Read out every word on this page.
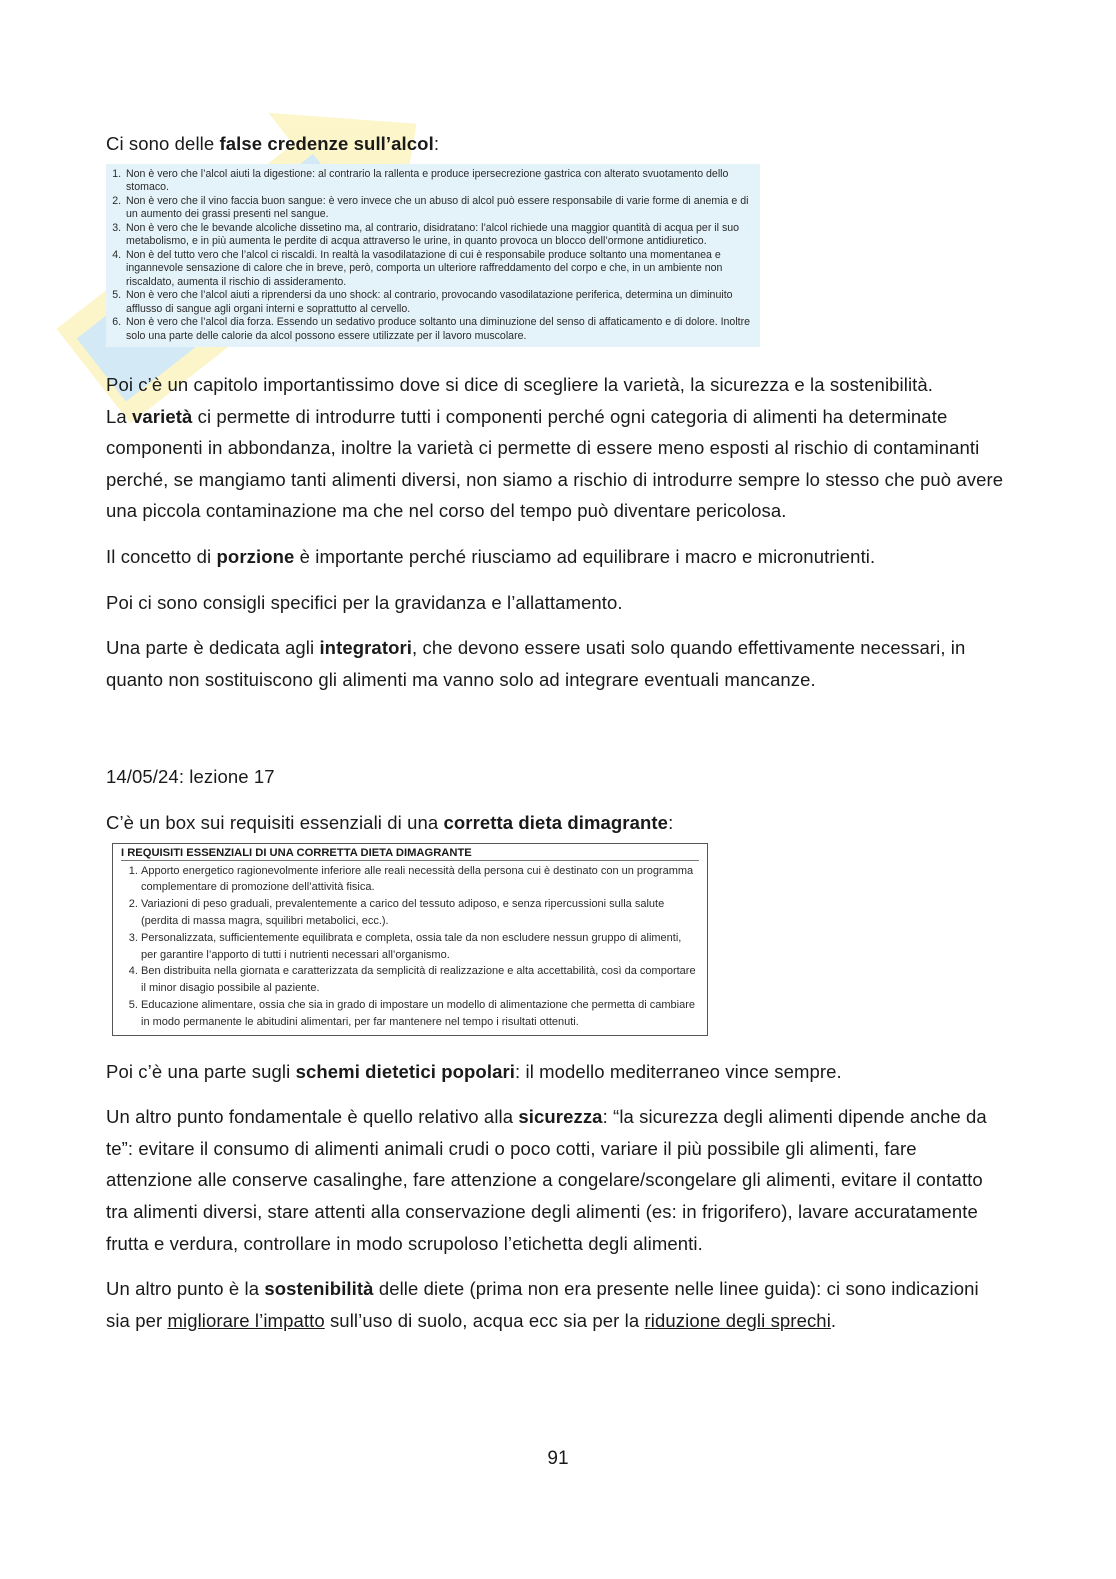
Ci sono delle false credenze sull’alcol:

1. Non è vero che l’alcol aiuti la digestione: al contrario la rallenta e produce ipersecrezione gastrica con alterato svuotamento dello stomaco.
2. Non è vero che il vino faccia buon sangue: è vero invece che un abuso di alcol può essere responsabile di varie forme di anemia e di un aumento dei grassi presenti nel sangue.
3. Non è vero che le bevande alcoliche dissetino ma, al contrario, disidratano: l’alcol richiede una maggior quantità di acqua per il suo metabolismo, e in più aumenta le perdite di acqua attraverso le urine, in quanto provoca un blocco dell’ormone antidiuretico.
4. Non è del tutto vero che l’alcol ci riscaldi. In realtà la vasodilatazione di cui è responsabile produce soltanto una momentanea e ingannevole sensazione di calore che in breve, però, comporta un ulteriore raffreddamento del corpo e che, in un ambiente non riscaldato, aumenta il rischio di assideramento.
5. Non è vero che l’alcol aiuti a riprendersi da uno shock: al contrario, provocando vasodilatazione periferica, determina un diminuito afflusso di sangue agli organi interni e soprattutto al cervello.
6. Non è vero che l’alcol dia forza. Essendo un sedativo produce soltanto una diminuzione del senso di affaticamento e di dolore. Inoltre solo una parte delle calorie da alcol possono essere utilizzate per il lavoro muscolare.

Poi c’è un capitolo importantissimo dove si dice di scegliere la varietà, la sicurezza e la sostenibilità.
La varietà ci permette di introdurre tutti i componenti perché ogni categoria di alimenti ha determinate componenti in abbondanza, inoltre la varietà ci permette di essere meno esposti al rischio di contaminanti perché, se mangiamo tanti alimenti diversi, non siamo a rischio di introdurre sempre lo stesso che può avere una piccola contaminazione ma che nel corso del tempo può diventare pericolosa.

Il concetto di porzione è importante perché riusciamo ad equilibrare i macro e micronutrienti.

Poi ci sono consigli specifici per la gravidanza e l’allattamento.

Una parte è dedicata agli integratori, che devono essere usati solo quando effettivamente necessari, in quanto non sostituiscono gli alimenti ma vanno solo ad integrare eventuali mancanze.

14/05/24: lezione 17

C’è un box sui requisiti essenziali di una corretta dieta dimagrante:

I REQUISITI ESSENZIALI DI UNA CORRETTA DIETA DIMAGRANTE
1. Apporto energetico ragionevolmente inferiore alle reali necessità della persona cui è destinato con un programma complementare di promozione dell’attività fisica.
2. Variazioni di peso graduali, prevalentemente a carico del tessuto adiposo, e senza ripercussioni sulla salute (perdita di massa magra, squilibri metabolici, ecc.).
3. Personalizzata, sufficientemente equilibrata e completa, ossia tale da non escludere nessun gruppo di alimenti, per garantire l’apporto di tutti i nutrienti necessari all’organismo.
4. Ben distribuita nella giornata e caratterizzata da semplicità di realizzazione e alta accettabilità, così da comportare il minor disagio possibile al paziente.
5. Educazione alimentare, ossia che sia in grado di impostare un modello di alimentazione che permetta di cambiare in modo permanente le abitudini alimentari, per far mantenere nel tempo i risultati ottenuti.

Poi c’è una parte sugli schemi dietetici popolari: il modello mediterraneo vince sempre.

Un altro punto fondamentale è quello relativo alla sicurezza: “la sicurezza degli alimenti dipende anche da te”: evitare il consumo di alimenti animali crudi o poco cotti, variare il più possibile gli alimenti, fare attenzione alle conserve casalinghe, fare attenzione a congelare/scongelare gli alimenti, evitare il contatto tra alimenti diversi, stare attenti alla conservazione degli alimenti (es: in frigorifero), lavare accuratamente frutta e verdura, controllare in modo scrupoloso l’etichetta degli alimenti.

Un altro punto è la sostenibilità delle diete (prima non era presente nelle linee guida): ci sono indicazioni sia per migliorare l’impatto sull’uso di suolo, acqua ecc sia per la riduzione degli sprechi.

91
